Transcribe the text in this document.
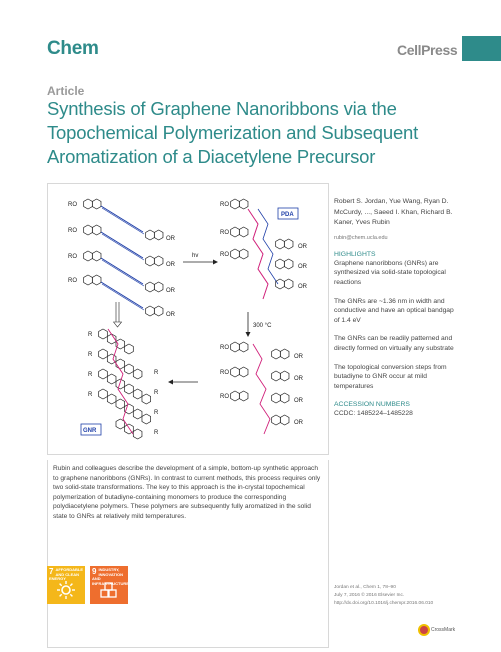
Chem	CellPress
Article
Synthesis of Graphene Nanoribbons via the Topochemical Polymerization and Subsequent Aromatization of a Diacetylene Precursor
RO
OR
RO
OR
RO
OR
RO
OR
hv
PDA
RO
RO
RO
OR
OR
OR
300 °C
RO
RO
RO
OR
OR
OR
OR
R
R
R
R
R
R
R
R
GNR

Rubin and colleagues describe the development of a simple, bottom-up synthetic approach to graphene nanoribbons (GNRs). In contrast to current methods, this process requires only two solid-state transformations. The key to this approach is the in-crystal topochemical polymerization of butadiyne-containing monomers to produce the corresponding polydiacetylene polymers. These polymers are subsequently fully aromatized in the solid state to GNRs at relatively mild temperatures.

7 AFFORDABLE AND CLEAN ENERGY
9 INDUSTRY, INNOVATION AND INFRASTRUCTURE

Robert S. Jordan, Yue Wang, Ryan D. McCurdy, ..., Saeed I. Khan, Richard B. Kaner, Yves Rubin

rubin@chem.ucla.edu

HIGHLIGHTS

Graphene nanoribbons (GNRs) are synthesized via solid-state topological reactions

The GNRs are ~1.36 nm in width and conductive and have an optical bandgap of 1.4 eV

The GNRs can be readily patterned and directly formed on virtually any substrate

The topological conversion steps from butadiyne to GNR occur at mild temperatures

ACCESSION NUMBERS

CCDC: 1485224–1485228

Jordan et al., Chem 1, 78–90
July 7, 2016 © 2016 Elsevier Inc.
http://dx.doi.org/10.1016/j.chempr.2016.06.010
CrossMark
